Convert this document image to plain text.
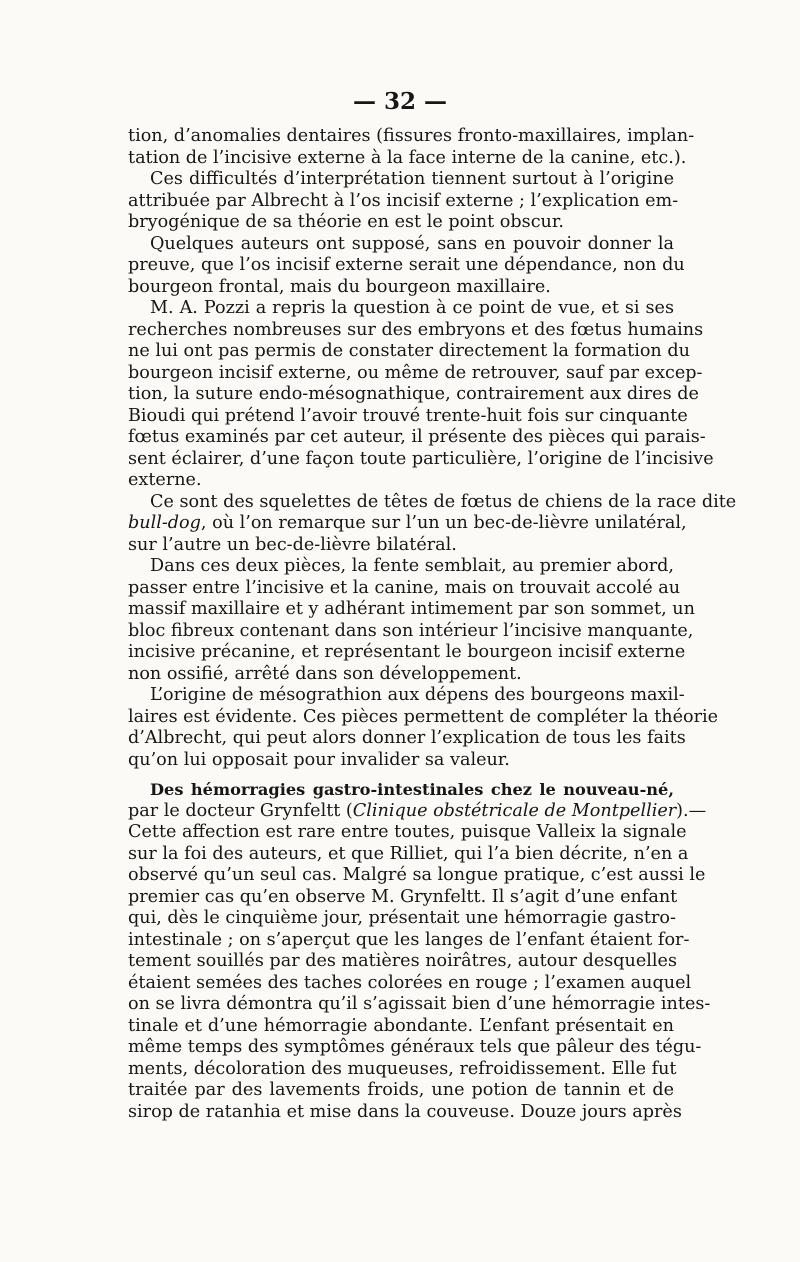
— 32 —
tion, d’anomalies dentaires (fissures fronto-maxillaires, implan-
tation de l’incisive externe à la face interne de la canine, etc.).
Ces difficultés d’interprétation tiennent surtout à l’origine
attribuée par Albrecht à l’os incisif externe ; l’explication em-
bryogénique de sa théorie en est le point obscur.
Quelques auteurs ont supposé, sans en pouvoir donner la
preuve, que l’os incisif externe serait une dépendance, non du
bourgeon frontal, mais du bourgeon maxillaire.
M. A. Pozzi a repris la question à ce point de vue, et si ses
recherches nombreuses sur des embryons et des fœtus humains
ne lui ont pas permis de constater directement la formation du
bourgeon incisif externe, ou même de retrouver, sauf par excep-
tion, la suture endo-mésognathique, contrairement aux dires de
Bioudi qui prétend l’avoir trouvé trente-huit fois sur cinquante
fœtus examinés par cet auteur, il présente des pièces qui parais-
sent éclairer, d’une façon toute particulière, l’origine de l’incisive
externe.
Ce sont des squelettes de têtes de fœtus de chiens de la race dite
bull-dog, où l’on remarque sur l’un un bec-de-lièvre unilatéral,
sur l’autre un bec-de-lièvre bilatéral.
Dans ces deux pièces, la fente semblait, au premier abord,
passer entre l’incisive et la canine, mais on trouvait accolé au
massif maxillaire et y adhérant intimement par son sommet, un
bloc fibreux contenant dans son intérieur l’incisive manquante,
incisive précanine, et représentant le bourgeon incisif externe
non ossifié, arrêté dans son développement.
L’origine de mésograthion aux dépens des bourgeons maxil-
laires est évidente. Ces pièces permettent de compléter la théorie
d’Albrecht, qui peut alors donner l’explication de tous les faits
qu’on lui opposait pour invalider sa valeur.
Des hémorragies gastro-intestinales chez le nouveau-né,
par le docteur Grynfeltt (Clinique obstétricale de Montpellier).—
Cette affection est rare entre toutes, puisque Valleix la signale
sur la foi des auteurs, et que Rilliet, qui l’a bien décrite, n’en a
observé qu’un seul cas. Malgré sa longue pratique, c’est aussi le
premier cas qu’en observe M. Grynfeltt. Il s’agit d’une enfant
qui, dès le cinquième jour, présentait une hémorragie gastro-
intestinale ; on s’aperçut que les langes de l’enfant étaient for-
tement souillés par des matières noirâtres, autour desquelles
étaient semées des taches colorées en rouge ; l’examen auquel
on se livra démontra qu’il s’agissait bien d’une hémorragie intes-
tinale et d’une hémorragie abondante. L’enfant présentait en
même temps des symptômes généraux tels que pâleur des tégu-
ments, décoloration des muqueuses, refroidissement. Elle fut
traitée par des lavements froids, une potion de tannin et de
sirop de ratanhia et mise dans la couveuse. Douze jours après
